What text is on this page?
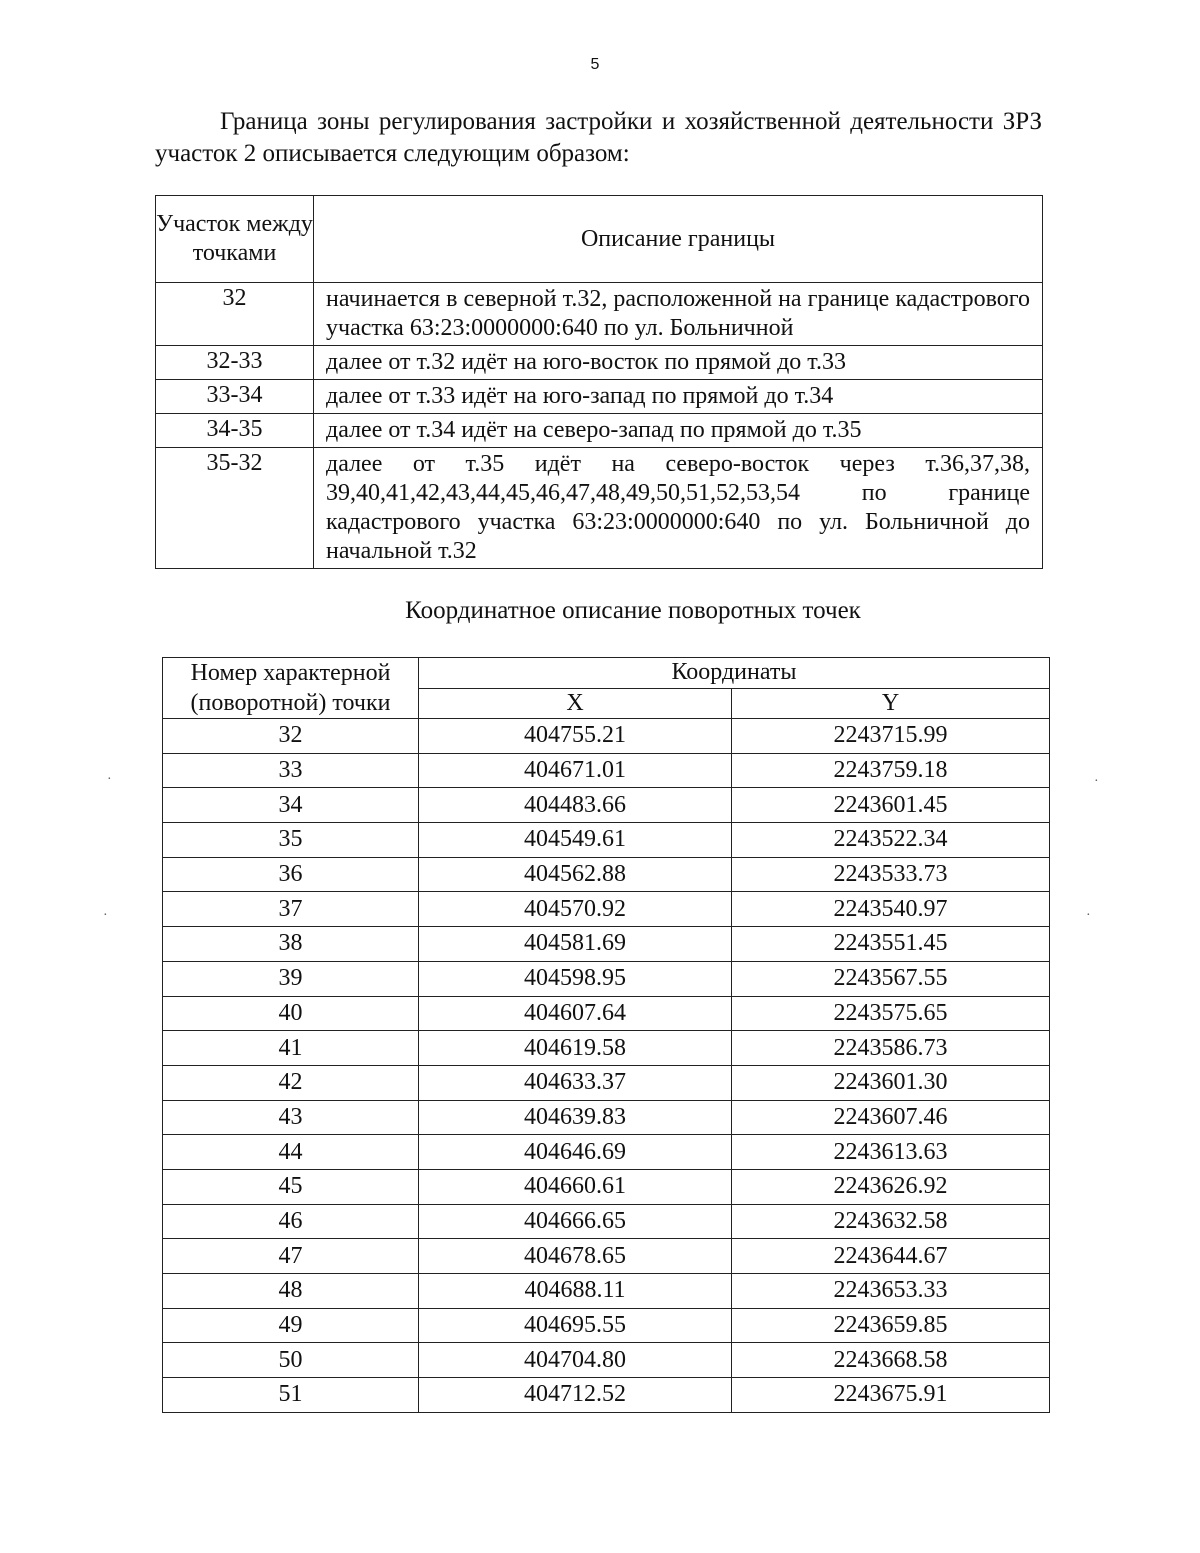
5

Граница зоны регулирования застройки и хозяйственной деятельности ЗРЗ участок 2 описывается следующим образом:

Участок между точками	Описание границы
32	начинается в северной т.32, расположенной на границе кадастрового участка 63:23:0000000:640 по ул. Больничной
32-33	далее от т.32 идёт на юго-восток по прямой до т.33
33-34	далее от т.33 идёт на юго-запад по прямой до т.34
34-35	далее от т.34 идёт на северо-запад по прямой до т.35
35-32	далее от т.35 идёт на северо-восток через т.36,37,38, 39,40,41,42,43,44,45,46,47,48,49,50,51,52,53,54 по границе кадастрового участка 63:23:0000000:640 по ул. Больничной до начальной т.32

Координатное описание поворотных точек

Номер характерной (поворотной) точки	Координаты	
	X	Y
32	404755.21	2243715.99
33	404671.01	2243759.18
34	404483.66	2243601.45
35	404549.61	2243522.34
36	404562.88	2243533.73
37	404570.92	2243540.97
38	404581.69	2243551.45
39	404598.95	2243567.55
40	404607.64	2243575.65
41	404619.58	2243586.73
42	404633.37	2243601.30
43	404639.83	2243607.46
44	404646.69	2243613.63
45	404660.61	2243626.92
46	404666.65	2243632.58
47	404678.65	2243644.67
48	404688.11	2243653.33
49	404695.55	2243659.85
50	404704.80	2243668.58
51	404712.52	2243675.91
·	·
·	·
